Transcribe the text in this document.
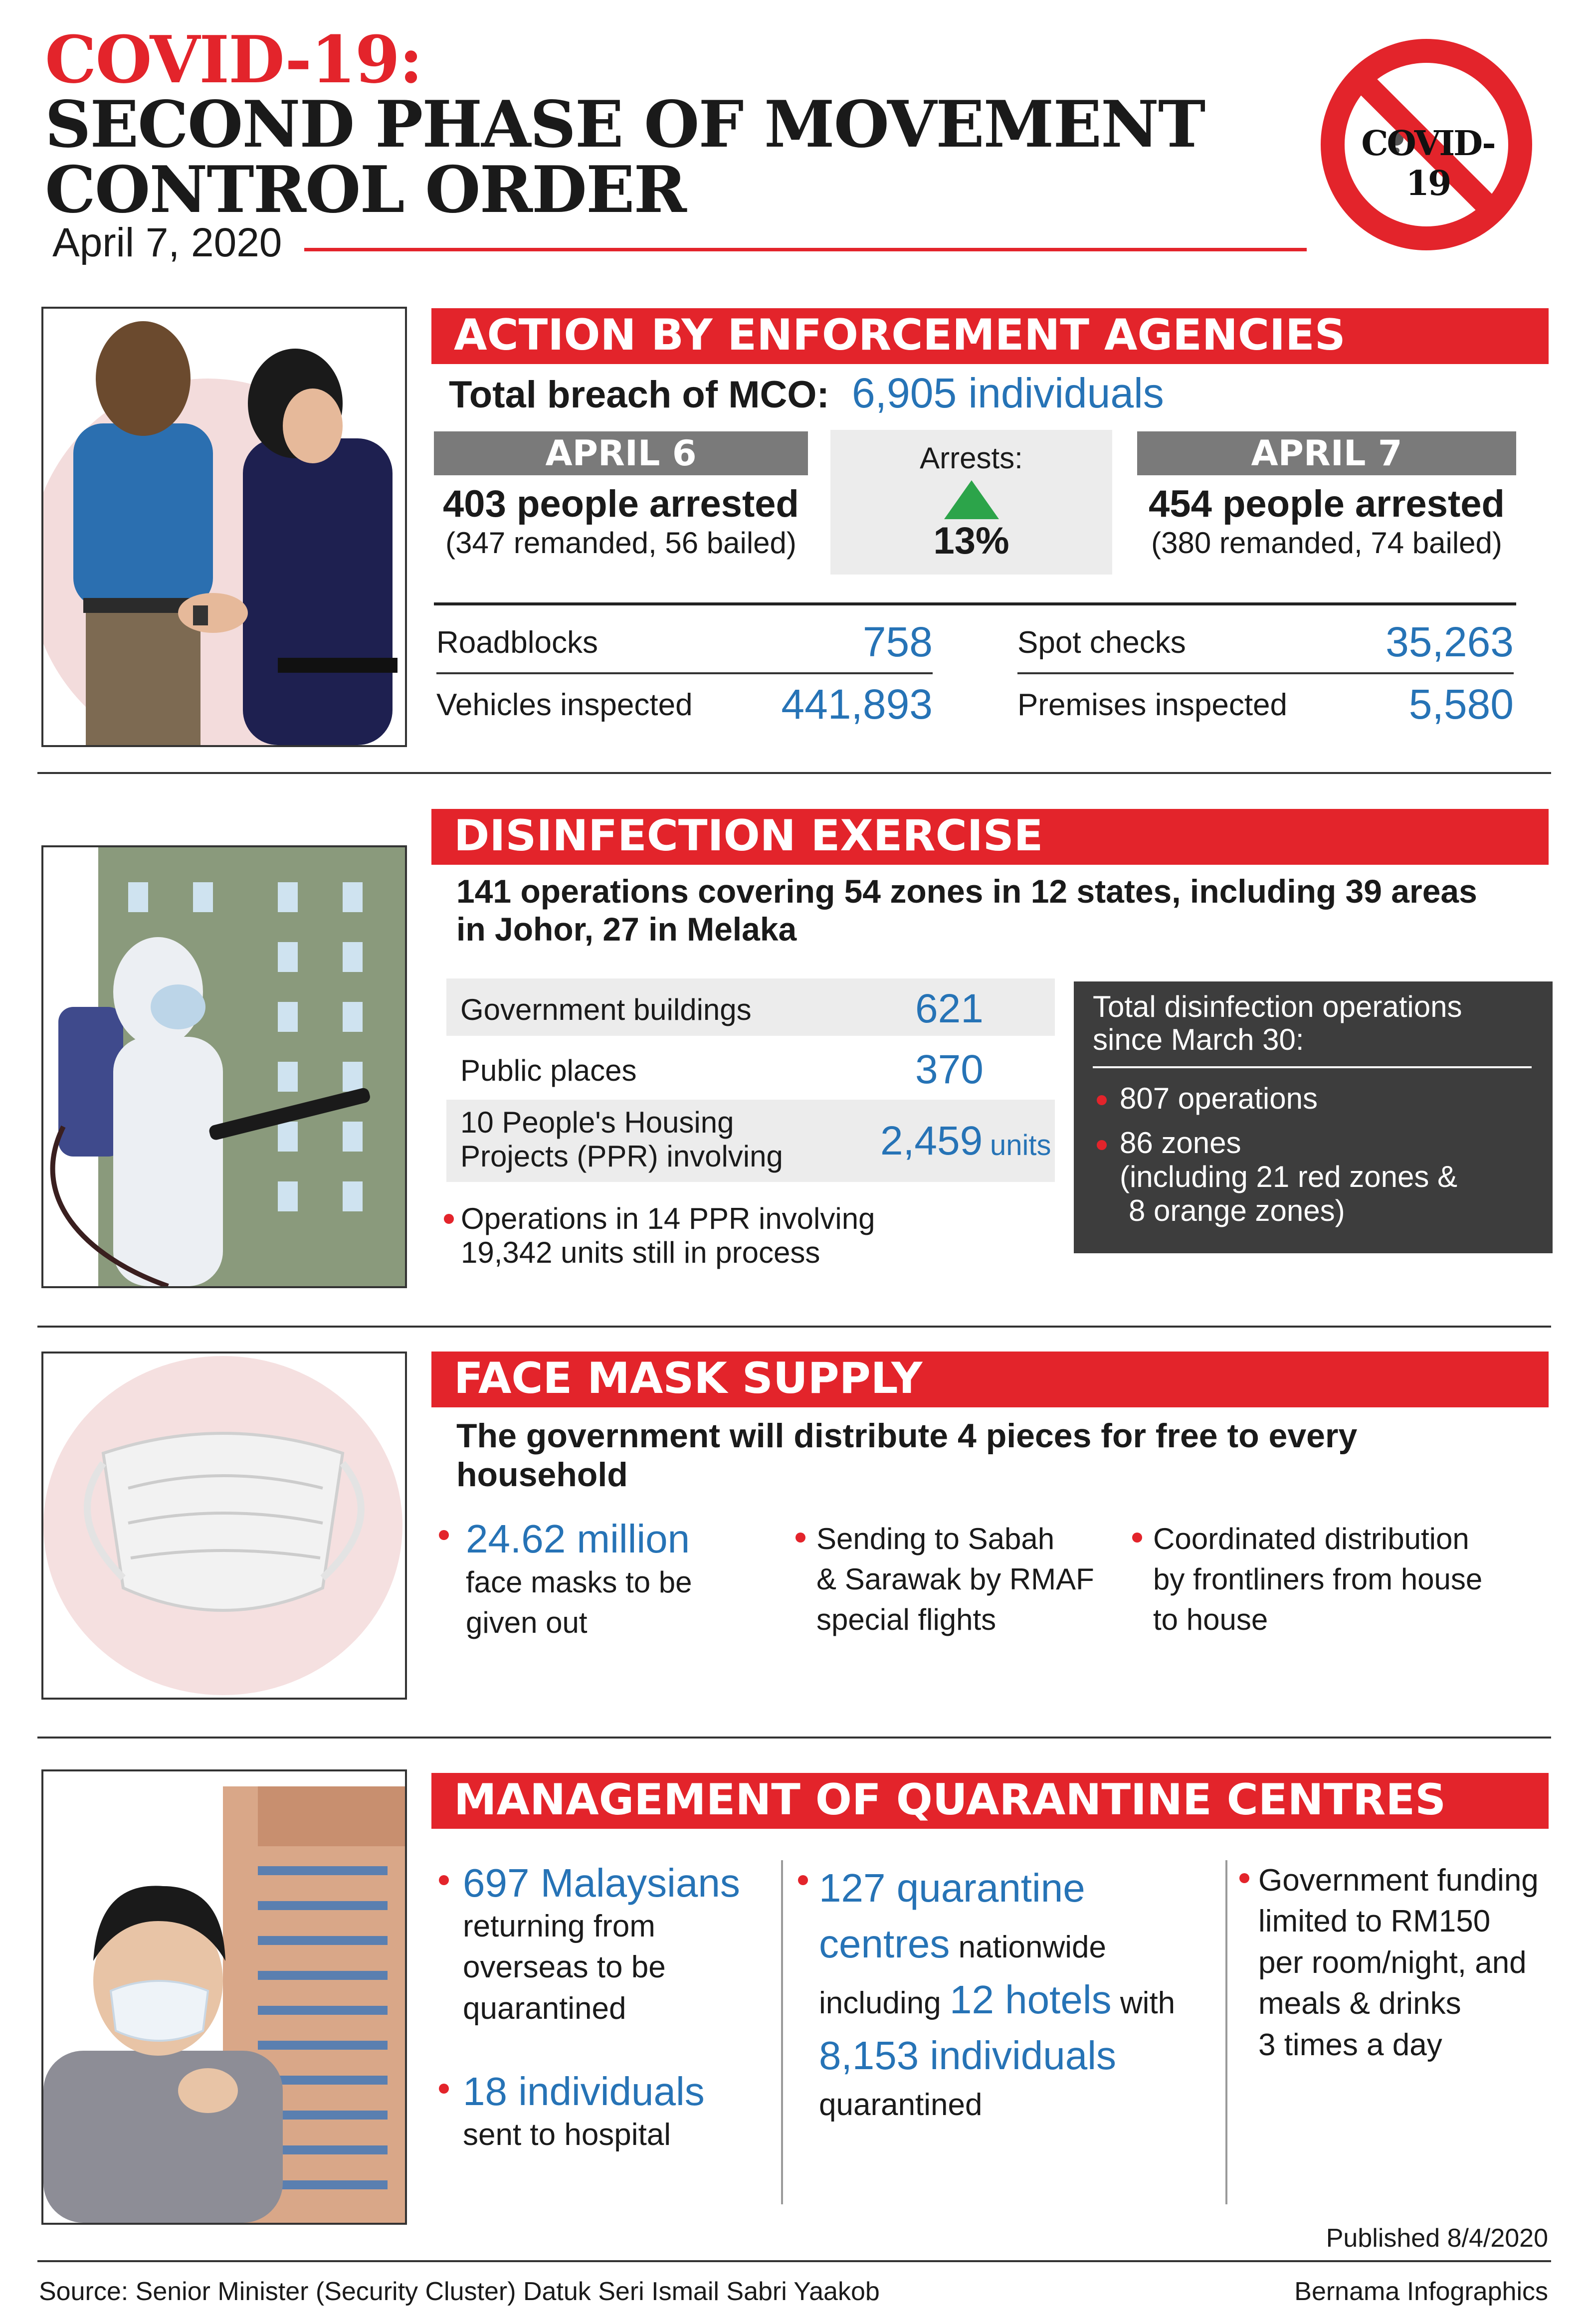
COVID-19:
SECOND PHASE OF MOVEMENT
CONTROL ORDER
April 7, 2020
COVID-19
ACTION BY ENFORCEMENT AGENCIES
Total breach of MCO: 6,905 individuals
APRIL 6
403 people arrested
(347 remanded, 56 bailed)
Arrests:
13%
APRIL 7
454 people arrested
(380 remanded, 74 bailed)
Roadblocks	758
Vehicles inspected 441,893
Spot checks	35,263
Premises inspected	5,580
DISINFECTION EXERCISE
141 operations covering 54 zones in 12 states, including 39 areas
in Johor, 27 in Melaka
Government buildings	621
Public places	370
10 People's Housing
Projects (PPR) involving 2,459 units
Operations in 14 PPR involving
19,342 units still in process
Total disinfection operations
since March 30:
807 operations
86 zones
(including 21 red zones &
8 orange zones)
FACE MASK SUPPLY
The government will distribute 4 pieces for free to every
household
24.62 million
face masks to be
given out
Sending to Sabah
& Sarawak by RMAF
special flights
Coordinated distribution
by frontliners from house
to house
MANAGEMENT OF QUARANTINE CENTRES
697 Malaysians
returning from
overseas to be
quarantined
18 individuals
sent to hospital
127 quarantine
centres nationwide
including 12 hotels with
8,153 individuals
quarantined
Government funding
limited to RM150
per room/night, and
meals & drinks
3 times a day
Published 8/4/2020
Source: Senior Minister (Security Cluster) Datuk Seri Ismail Sabri Yaakob	Bernama Infographics
